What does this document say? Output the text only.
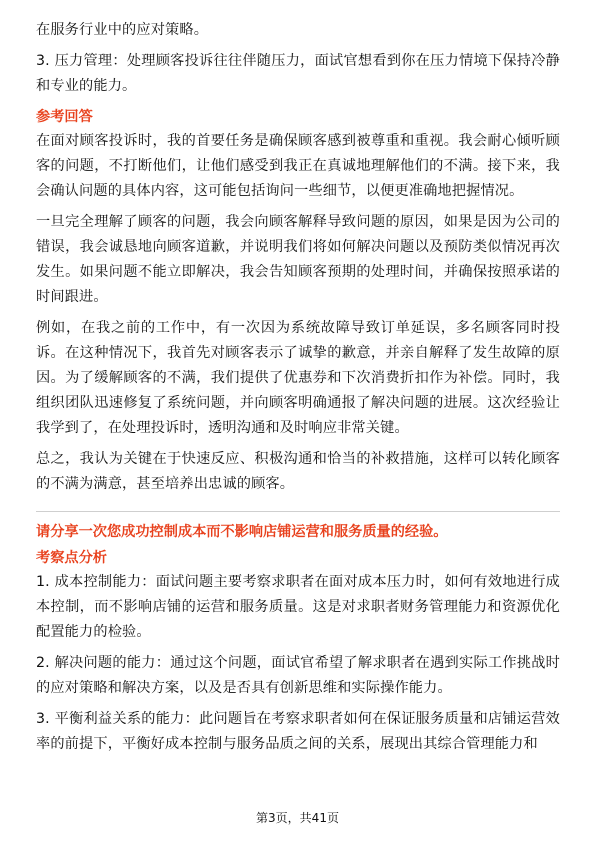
在服务行业中的应对策略。

3. 压力管理：处理顾客投诉往往伴随压力，面试官想看到你在压力情境下保持冷静和专业的能力。

参考回答

在面对顾客投诉时，我的首要任务是确保顾客感到被尊重和重视。我会耐心倾听顾客的问题，不打断他们，让他们感受到我正在真诚地理解他们的不满。接下来，我会确认问题的具体内容，这可能包括询问一些细节，以便更准确地把握情况。

一旦完全理解了顾客的问题，我会向顾客解释导致问题的原因，如果是因为公司的错误，我会诚恳地向顾客道歉，并说明我们将如何解决问题以及预防类似情况再次发生。如果问题不能立即解决，我会告知顾客预期的处理时间，并确保按照承诺的时间跟进。

例如，在我之前的工作中，有一次因为系统故障导致订单延误，多名顾客同时投诉。在这种情况下，我首先对顾客表示了诚挚的歉意，并亲自解释了发生故障的原因。为了缓解顾客的不满，我们提供了优惠券和下次消费折扣作为补偿。同时，我组织团队迅速修复了系统问题，并向顾客明确通报了解决问题的进展。这次经验让我学到了，在处理投诉时，透明沟通和及时响应非常关键。

总之，我认为关键在于快速反应、积极沟通和恰当的补救措施，这样可以转化顾客的不满为满意，甚至培养出忠诚的顾客。

请分享一次您成功控制成本而不影响店铺运营和服务质量的经验。
考察点分析

1. 成本控制能力：面试问题主要考察求职者在面对成本压力时，如何有效地进行成本控制，而不影响店铺的运营和服务质量。这是对求职者财务管理能力和资源优化配置能力的检验。

2. 解决问题的能力：通过这个问题，面试官希望了解求职者在遇到实际工作挑战时的应对策略和解决方案，以及是否具有创新思维和实际操作能力。

3. 平衡利益关系的能力：此问题旨在考察求职者如何在保证服务质量和店铺运营效率的前提下，平衡好成本控制与服务品质之间的关系，展现出其综合管理能力和

第3页，共41页
